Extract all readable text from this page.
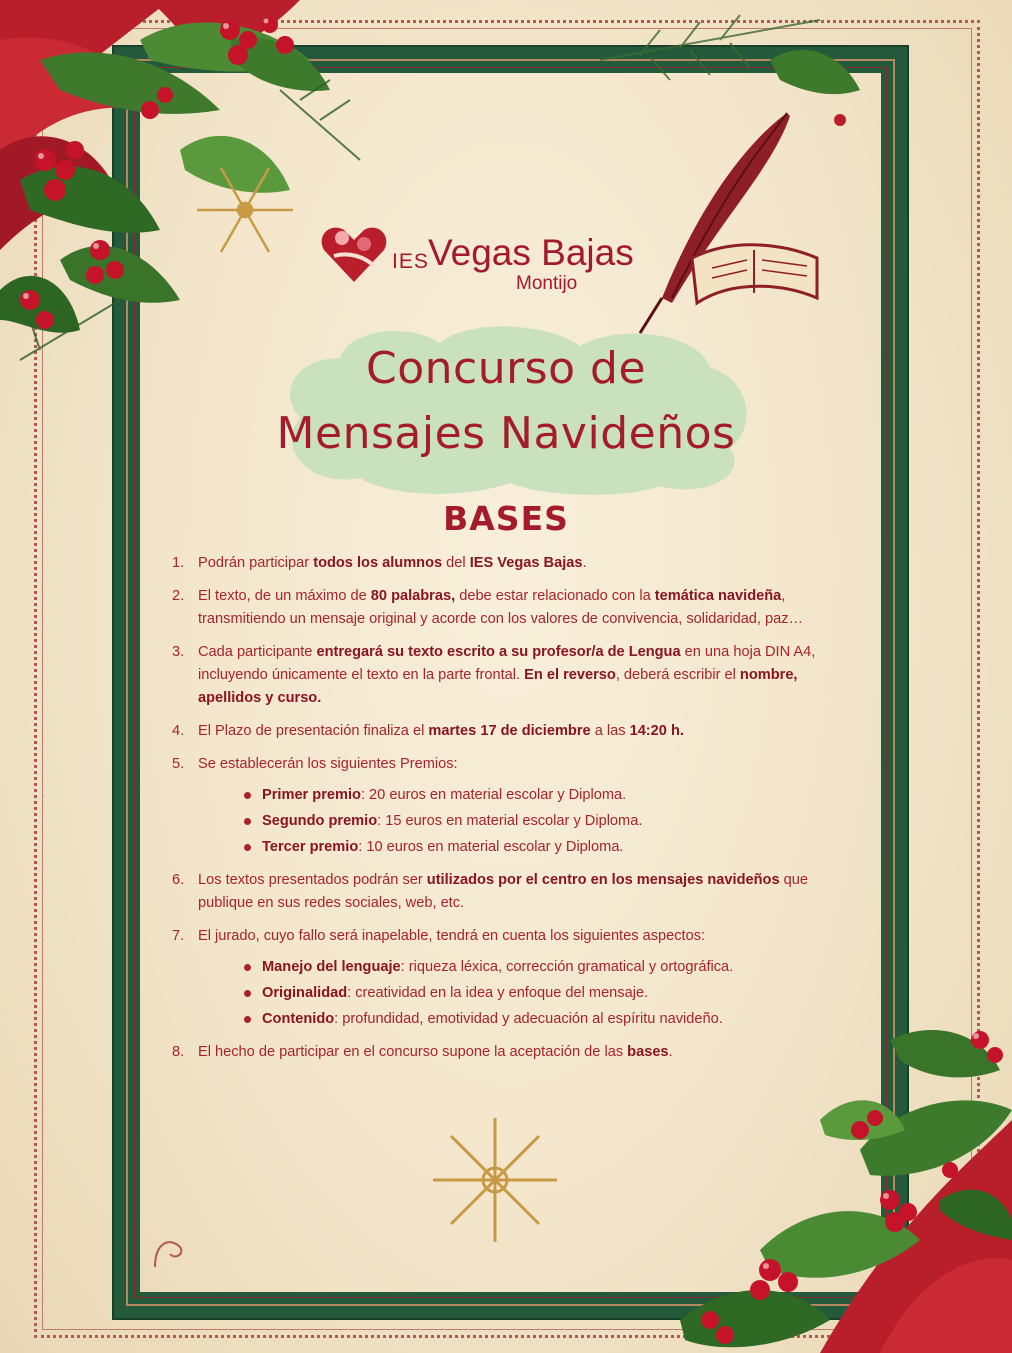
IES Vegas Bajas
Montijo
Concurso de
Mensajes Navideños
BASES
1. Podrán participar todos los alumnos del IES Vegas Bajas.
2. El texto, de un máximo de 80 palabras, debe estar relacionado con la temática navideña, transmitiendo un mensaje original y acorde con los valores de convivencia, solidaridad, paz…
3. Cada participante entregará su texto escrito a su profesor/a de Lengua en una hoja DIN A4, incluyendo únicamente el texto en la parte frontal. En el reverso, deberá escribir el nombre, apellidos y curso.
4. El Plazo de presentación finaliza el martes 17 de diciembre a las 14:20 h.
5. Se establecerán los siguientes Premios:
Primer premio: 20 euros en material escolar y Diploma.
Segundo premio: 15 euros en material escolar y Diploma.
Tercer premio: 10 euros en material escolar y Diploma.
6. Los textos presentados podrán ser utilizados por el centro en los mensajes navideños que publique en sus redes sociales, web, etc.
7. El jurado, cuyo fallo será inapelable, tendrá en cuenta los siguientes aspectos:
Manejo del lenguaje: riqueza léxica, corrección gramatical y ortográfica.
Originalidad: creatividad en la idea y enfoque del mensaje.
Contenido: profundidad, emotividad y adecuación al espíritu navideño.
8. El hecho de participar en el concurso supone la aceptación de las bases.
